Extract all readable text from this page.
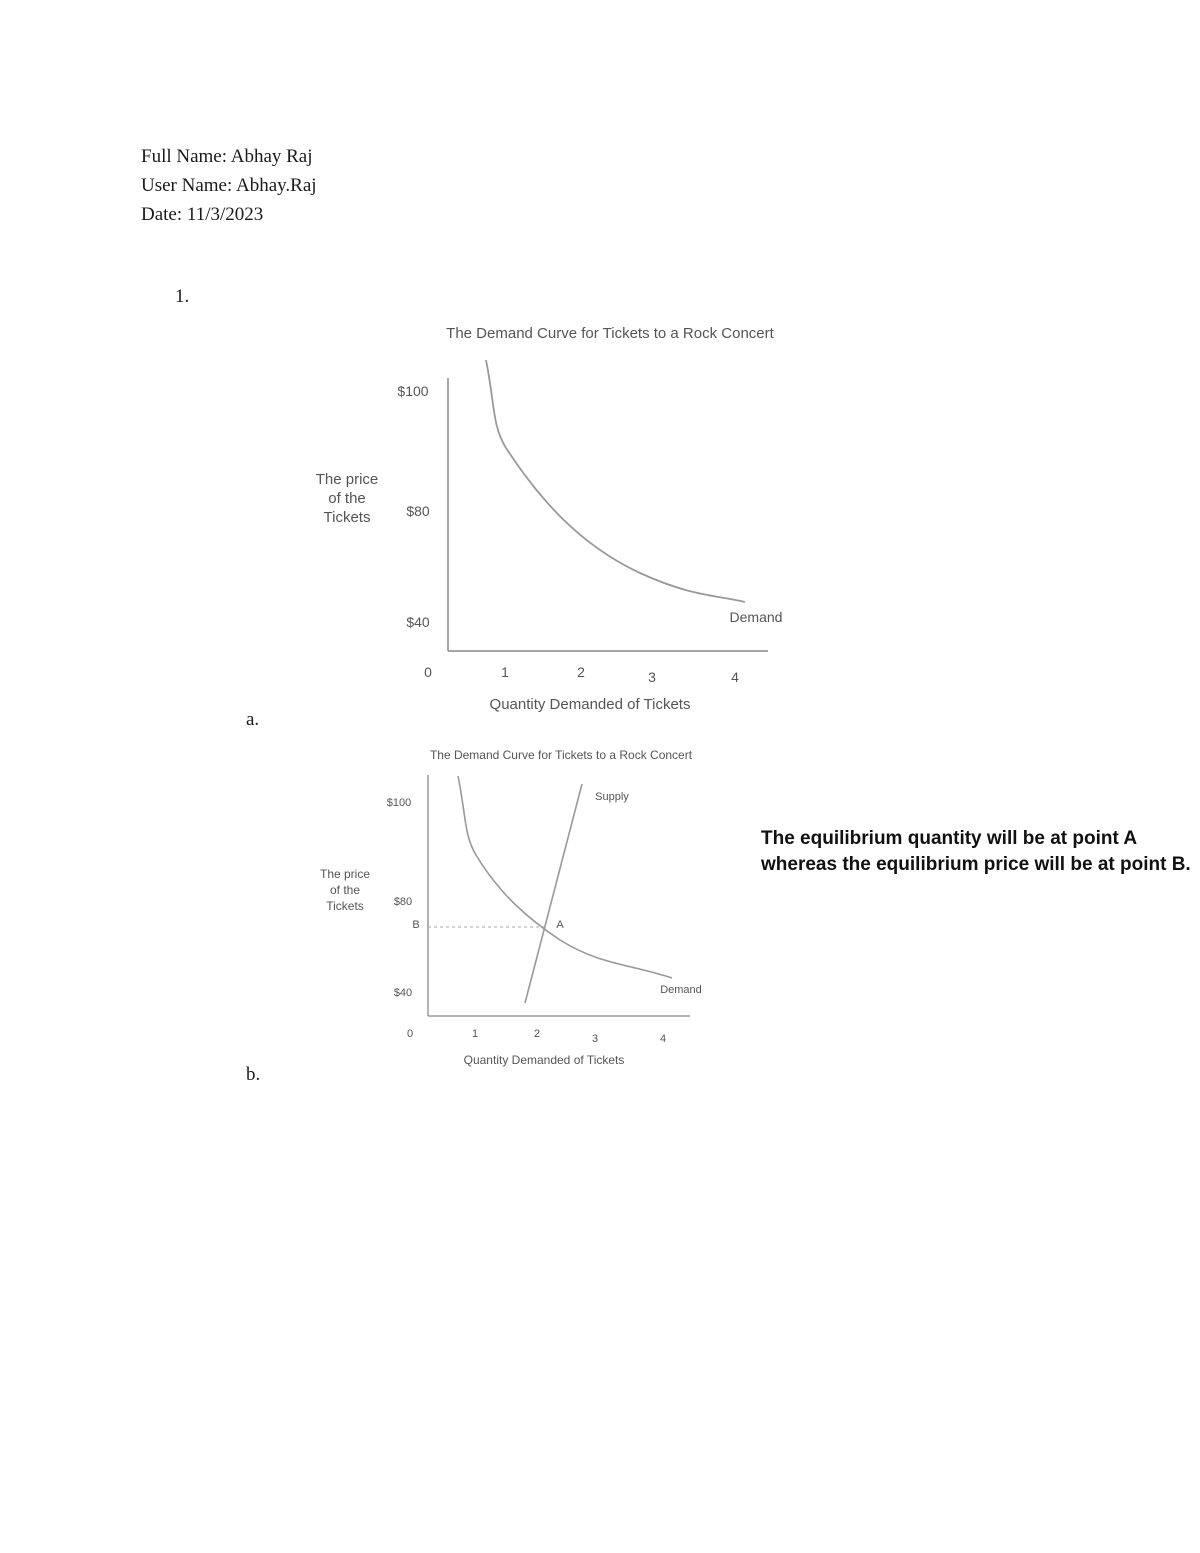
Full Name: Abhay Raj
User Name: Abhay.Raj
Date: 11/3/2023
1.
The Demand Curve for Tickets to a Rock Concert
The price
of the
Tickets
$100
$80
$40
0	1	2	3	4
Quantity Demanded of Tickets
Demand
a.
The Demand Curve for Tickets to a Rock Concert
The price
of the
Tickets
$100
$80
$40
0	1	2	3	4
Quantity Demanded of Tickets
Supply
Demand
A
B
The equilibrium quantity will be at point A whereas the equilibrium price will be at point B.
b.
